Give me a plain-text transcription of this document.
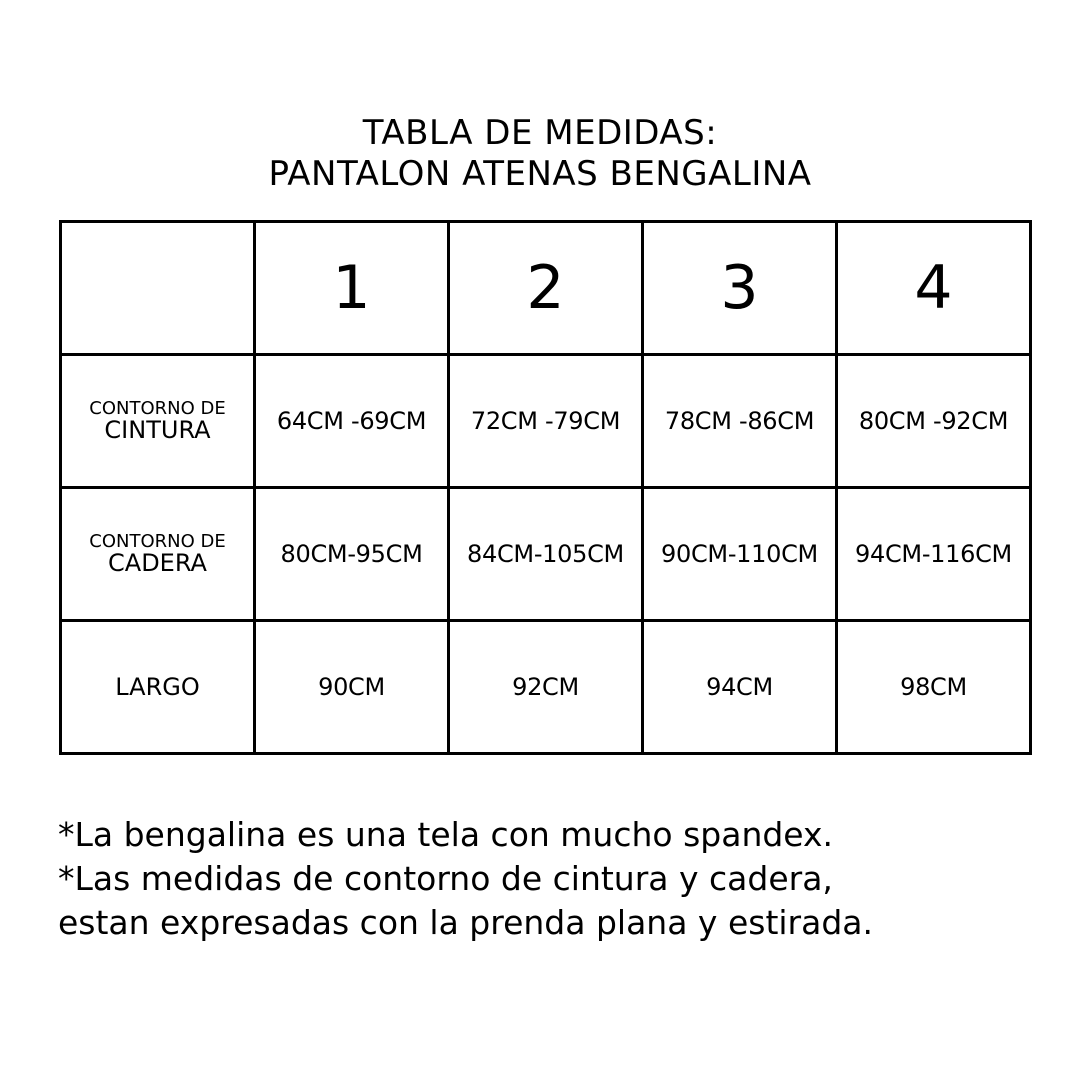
TABLA DE MEDIDAS:
PANTALON ATENAS BENGALINA
	1	2	3	4

CONTORNO DE
CINTURA	64CM -69CM	72CM -79CM	78CM -86CM	80CM -92CM

CONTORNO DE
CADERA	80CM-95CM	84CM-105CM	90CM-110CM	94CM-116CM
LARGO	90CM	92CM	94CM	98CM
*La bengalina es una tela con mucho spandex.
*Las medidas de contorno de cintura y cadera,
estan expresadas con la prenda plana y estirada.
